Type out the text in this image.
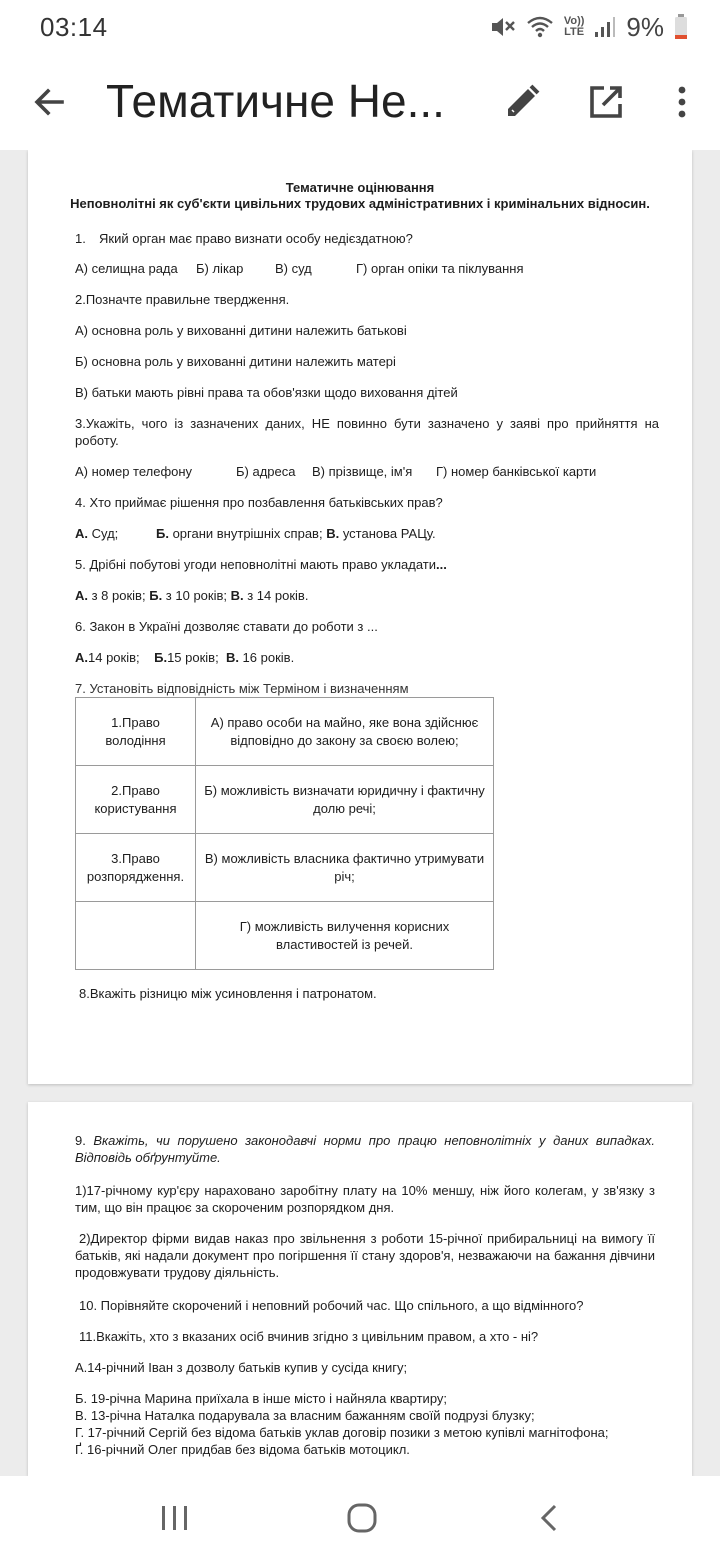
03:14	Vo))
LTE 9%
Тематичне Не...
Тематичне оцінювання
Неповнолітні як суб'єкти цивільних трудових адміністративних і кримінальних відносин.
1. Який орган має право визнати особу недієздатною?
А) селищна рада Б) лікар В) суд	Г) орган опіки та піклування
2.Позначте правильне твердження.
А) основна роль у вихованні дитини належить батькові
Б) основна роль у вихованні дитини належить матері
В) батьки мають рівні права та обов'язки щодо виховання дітей
3.Укажіть, чого із зазначених даних, НЕ повинно бути зазначено у заяві про прийняття на роботу.
А) номер телефону	Б) адреса В) прізвище, ім'я Г) номер банківської карти
4. Хто приймає рішення про позбавлення батьківських прав?
А. Суд;	Б. органи внутрішніх справ; В. установа РАЦу.
5. Дрібні побутові угоди неповнолітні мають право укладати...
А. з 8 років; Б. з 10 років; В. з 14 років.
6. Закон в Україні дозволяє ставати до роботи з ...
А.14 років; Б.15 років; В. 16 років.
7. Установіть відповідність між Терміном і визначенням
1.Право володіння	А) право особи на майно, яке вона здійснює відповідно до закону за своєю волею;
2.Право користування	Б) можливість визначати юридичну і фактичну долю речі;
3.Право розпорядження.	В) можливість власника фактично утримувати річ;
	Г) можливість вилучення корисних властивостей із речей.
8.Вкажіть різницю між усиновлення і патронатом.
9. Вкажіть, чи порушено законодавчі норми про працю неповнолітніх у даних випадках. Відповідь обґрунтуйте.
1)17-річному кур'єру нараховано заробітну плату на 10% меншу, ніж його колегам, у зв'язку з тим, що він працює за скороченим розпорядком дня.
2)Директор фірми видав наказ про звільнення з роботи 15-річної прибиральниці на вимогу її батьків, які надали документ про погіршення її стану здоров'я, незважаючи на бажання дівчини продовжувати трудову діяльність.
10. Порівняйте скорочений і неповний робочий час. Що спільного, а що відмінного?
11.Вкажіть, хто з вказаних осіб вчинив згідно з цивільним правом, а хто - ні?
А.14-річний Іван з дозволу батьків купив у сусіда книгу;
Б. 19-річна Марина приїхала в інше місто і найняла квартиру;
В. 13-річна Наталка подарувала за власним бажанням своїй подрузі блузку;
Г. 17-річний Сергій без відома батьків уклав договір позики з метою купівлі магнітофона;
Ґ. 16-річний Олег придбав без відома батьків мотоцикл.
